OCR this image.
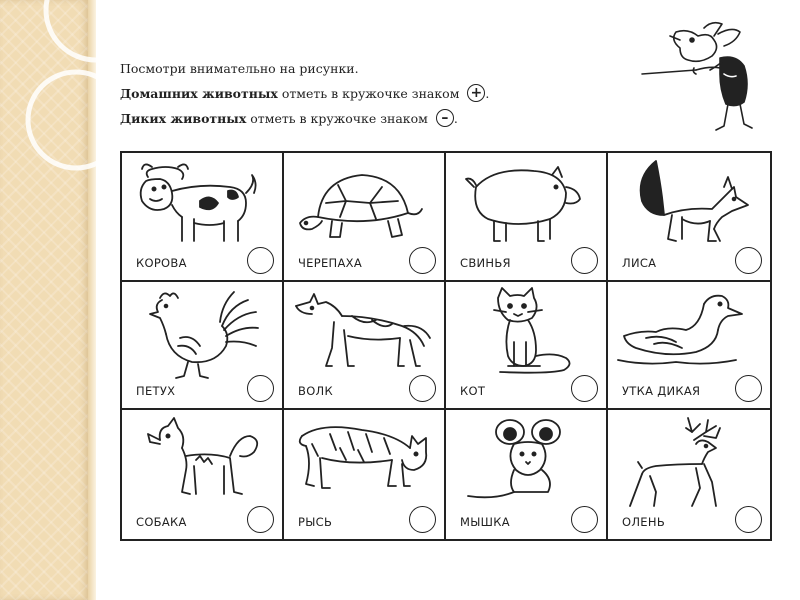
Посмотри внимательно на рисунки.
Домашних животных отметь в кружочке знаком + .
Диких животных отметь в кружочке знаком – .
КОРОВА	ЧЕРЕПАХА	СВИНЬЯ	ЛИСА
ПЕТУХ	ВОЛК	КОТ	УТКА ДИКАЯ
СОБАКА	РЫСЬ	МЫШКА	ОЛЕНЬ
